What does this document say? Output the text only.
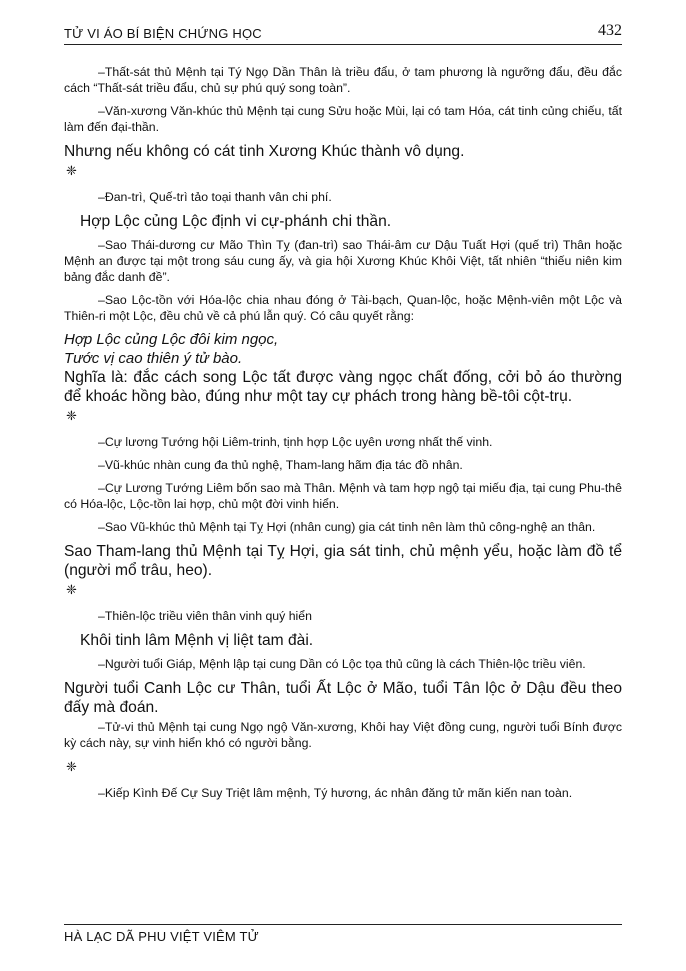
TỬ VI ÁO BÍ BIỆN CHỨNG HỌC	432

–Thất-sát thủ Mệnh tại Tý Ngọ Dần Thân là triều đẩu, ở tam phương là ngưỡng đẩu, đều đắc cách “Thất-sát triều đẩu, chủ sự phú quý song toàn”.

–Văn-xương Văn-khúc thủ Mệnh tại cung Sửu hoặc Mùi, lại có tam Hóa, cát tinh củng chiếu, tất làm đến đại-thần.

Nhưng nếu không có cát tinh Xương Khúc thành vô dụng.

❈

–Đan-trì, Quế-trì tảo toại thanh vân chi phí.

Hợp Lộc củng Lộc định vi cự-phánh chi thần.

–Sao Thái-dương cư Mão Thìn Tỵ (đan-trì) sao Thái-âm cư Dậu Tuất Hợi (quế trì) Thân hoặc Mệnh an được tại một trong sáu cung ấy, và gia hội Xương Khúc Khôi Việt, tất nhiên “thiếu niên kim bảng đắc danh đề”.

–Sao Lộc-tồn với Hóa-lộc chia nhau đóng ở Tài-bạch, Quan-lộc, hoặc Mệnh-viên một Lộc và Thiên-ri một Lộc, đều chủ về cả phú lẫn quý. Có câu quyết rằng:

Hợp Lộc củng Lộc đôi kim ngọc,

Tước vị cao thiên ý tử bào.

Nghĩa là: đắc cách song Lộc tất được vàng ngọc chất đống, cởi bỏ áo thường để khoác hồng bào, đúng như một tay cự phách trong hàng bề-tôi cột-trụ.

❈

–Cự lương Tướng hội Liêm-trinh, tịnh hợp Lộc uyên ương nhất thế vinh.

–Vũ-khúc nhàn cung đa thủ nghệ, Tham-lang hãm địa tác đồ nhân.

–Cự Lương Tướng Liêm bốn sao mà Thân. Mệnh và tam hợp ngộ tại miếu địa, tại cung Phu-thê có Hóa-lộc, Lộc-tồn lai hợp, chủ một đời vinh hiển.

–Sao Vũ-khúc thủ Mệnh tại Tỵ Hợi (nhân cung) gia cát tinh nên làm thủ công-nghệ an thân.

Sao Tham-lang thủ Mệnh tại Tỵ Hợi, gia sát tinh, chủ mệnh yểu, hoặc làm đồ tể (người mổ trâu, heo).

❈

–Thiên-lộc triều viên thân vinh quý hiển

Khôi tinh lâm Mệnh vị liệt tam đài.

–Người tuổi Giáp, Mệnh lập tại cung Dần có Lộc tọa thủ cũng là cách Thiên-lộc triều viên.

Người tuổi Canh Lộc cư Thân, tuổi Ất Lộc ở Mão, tuổi Tân lộc ở Dậu đều theo đấy mà đoán.

–Tử-vi thủ Mệnh tại cung Ngọ ngộ Văn-xương, Khôi hay Việt đồng cung, người tuổi Bính được kỳ cách này, sự vinh hiển khó có người bằng.

❈

–Kiếp Kình Đế Cự Suy Triệt lâm mệnh, Tý hương, ác nhân đăng tử mãn kiến nan toàn.

HÀ LẠC DÃ PHU VIỆT VIÊM TỬ
